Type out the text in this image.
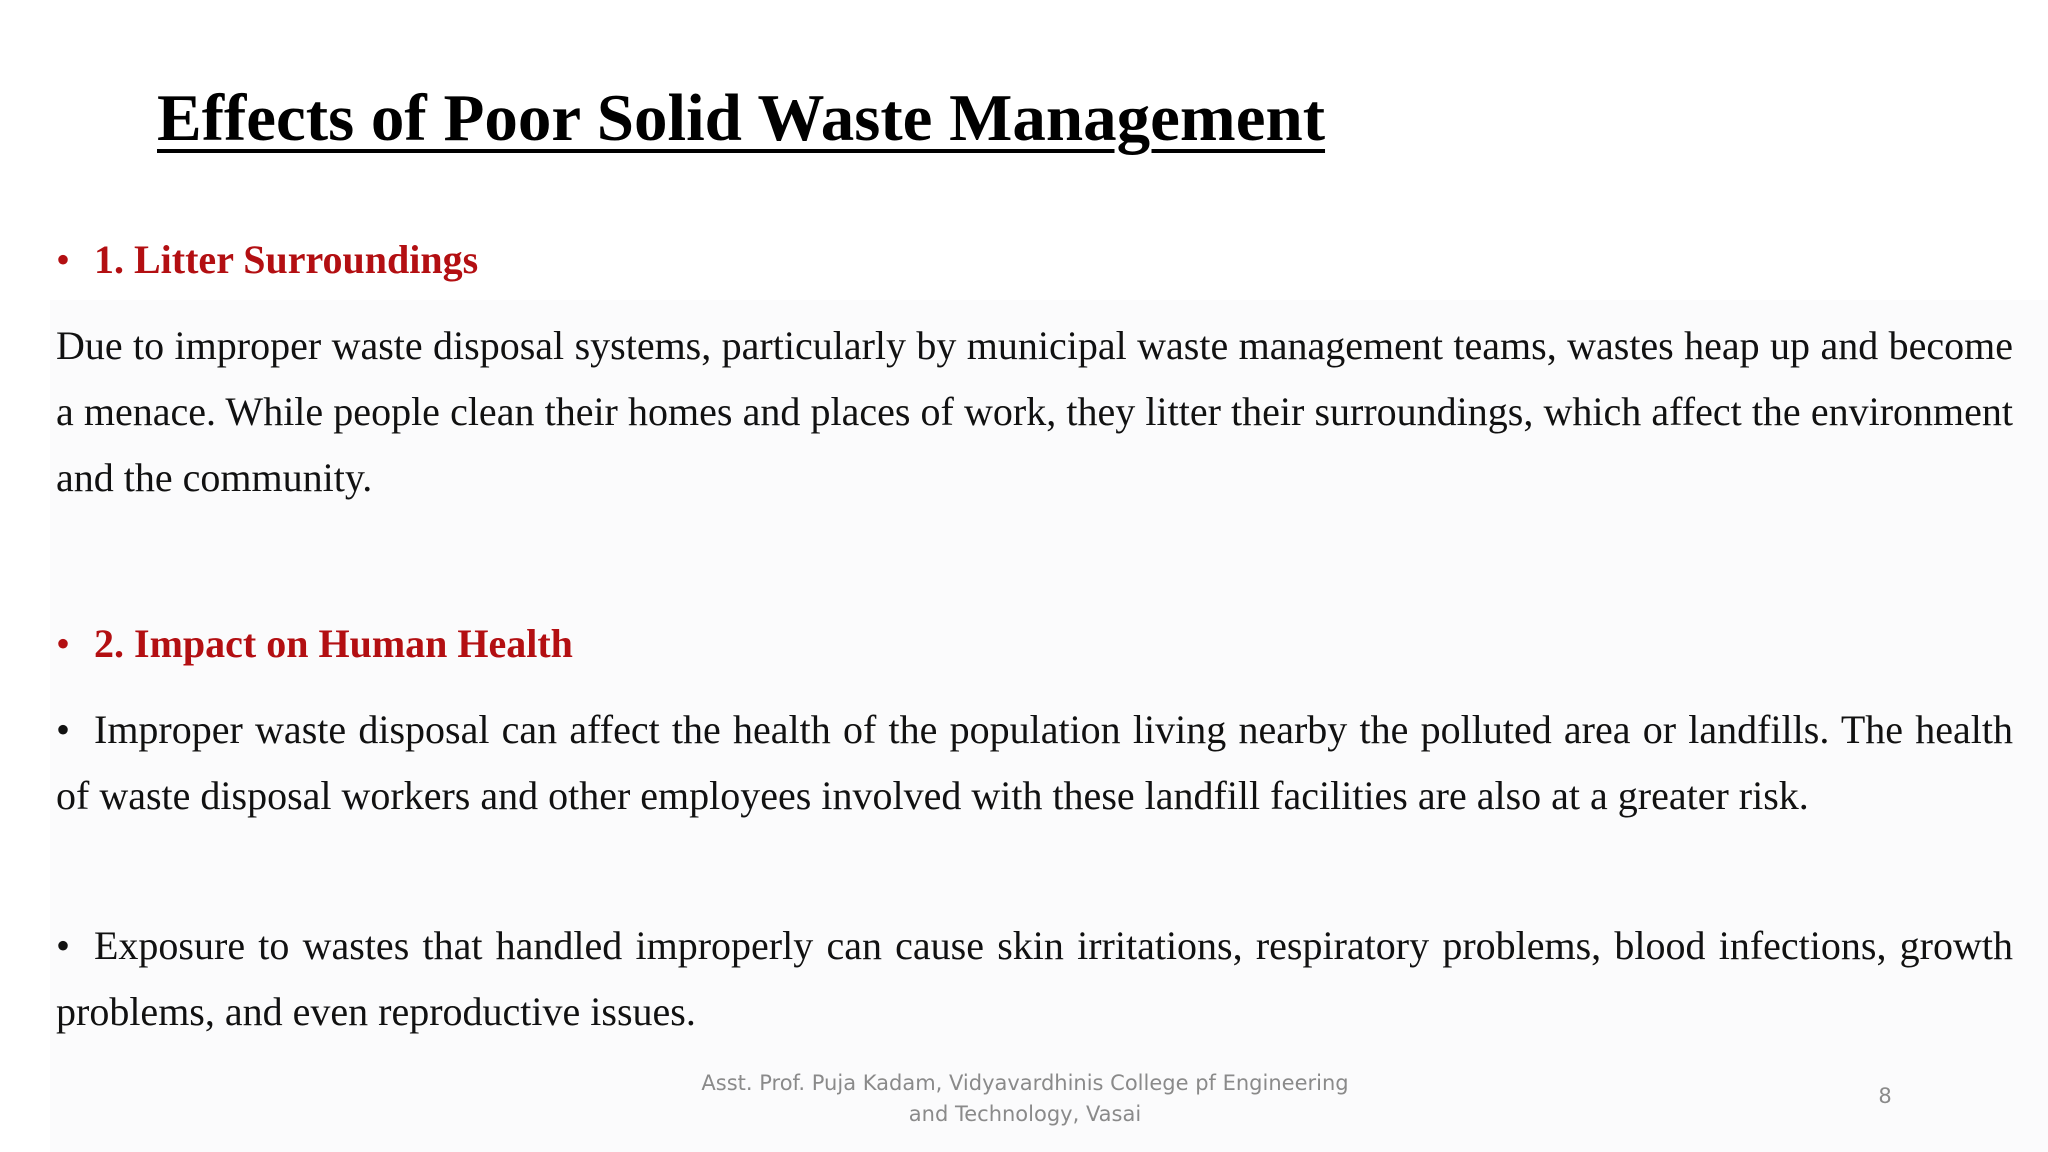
Effects of Poor Solid Waste Management
• 1. Litter Surroundings

Due to improper waste disposal systems, particularly by municipal waste management teams, wastes heap up and become a menace. While people clean their homes and places of work, they litter their surroundings, which affect the environment and the community.

• 2. Impact on Human Health

• Improper waste disposal can affect the health of the population living nearby the polluted area or landfills. The health of waste disposal workers and other employees involved with these landfill facilities are also at a greater risk.

• Exposure to wastes that handled improperly can cause skin irritations, respiratory problems, blood infections, growth problems, and even reproductive issues.

Asst. Prof. Puja Kadam, Vidyavardhinis College pf Engineering
and Technology, Vasai
8
